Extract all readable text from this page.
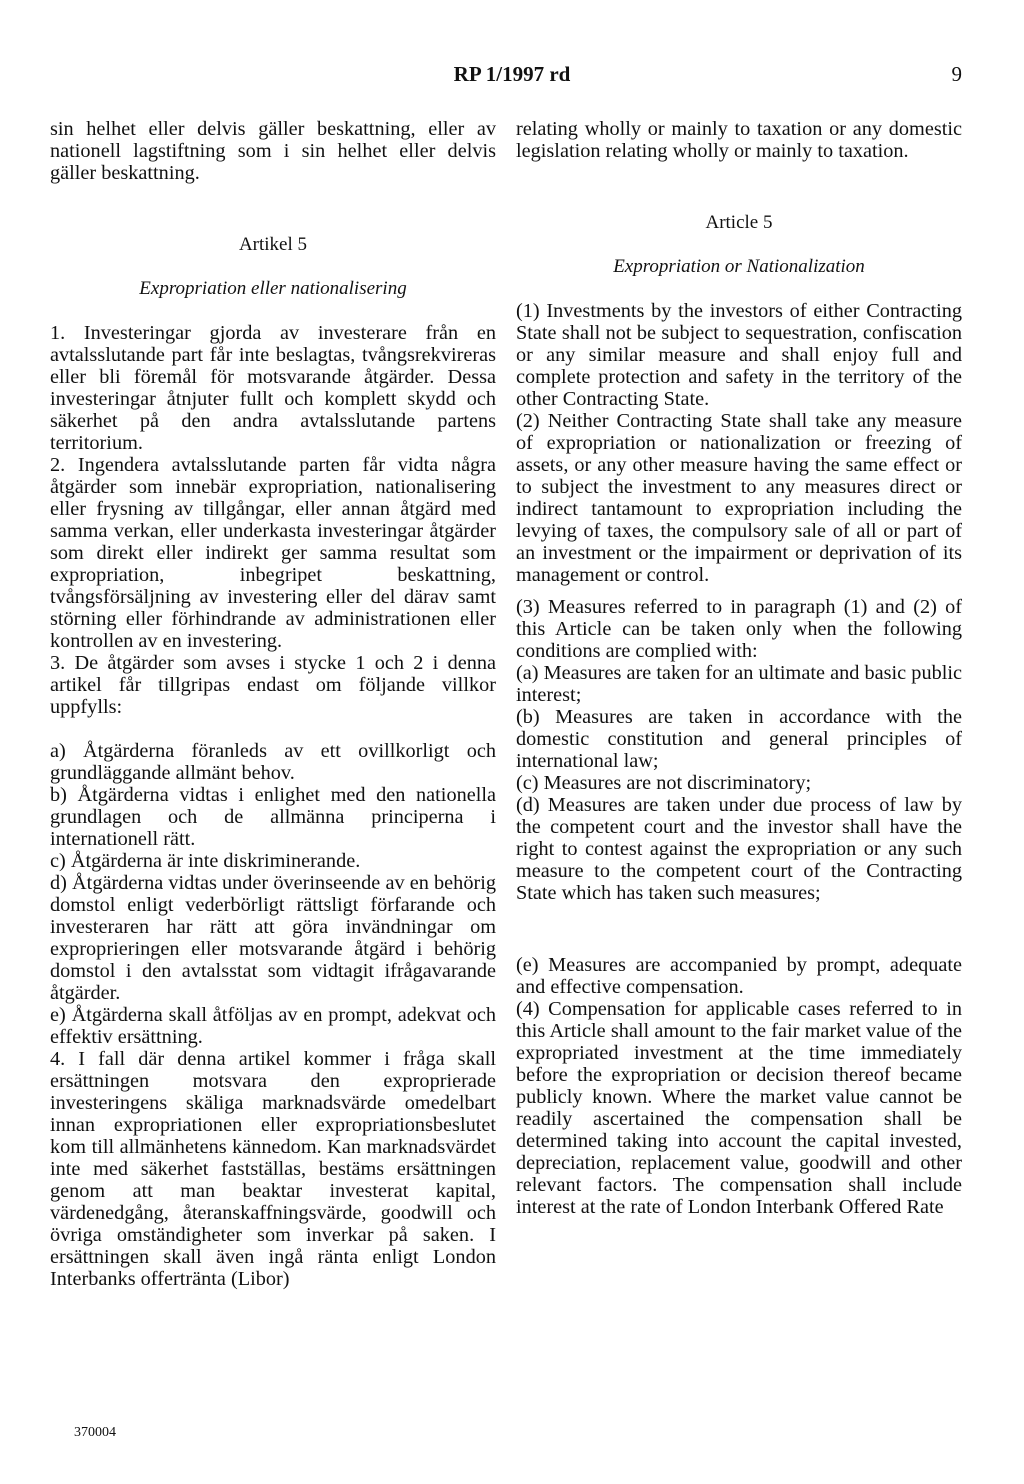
RP 1/1997 rd	9

sin helhet eller delvis gäller beskattning, eller av nationell lagstiftning som i sin helhet eller delvis gäller beskattning.

Artikel 5

Expropriation eller nationalisering

1. Investeringar gjorda av investerare från en avtalsslutande part får inte beslagtas, tvångsrekvireras eller bli föremål för motsvarande åtgärder. Dessa investeringar åtnjuter fullt och komplett skydd och säkerhet på den andra avtalsslutande partens territorium.

2. Ingendera avtalsslutande parten får vidta några åtgärder som innebär expropriation, nationalisering eller frysning av tillgångar, eller annan åtgärd med samma verkan, eller underkasta investeringar åtgärder som direkt eller indirekt ger samma resultat som expropriation, inbegripet beskattning, tvångsförsäljning av investering eller del därav samt störning eller förhindrande av administrationen eller kontrollen av en investering.

3. De åtgärder som avses i stycke 1 och 2 i denna artikel får tillgripas endast om följande villkor uppfylls:

a) Åtgärderna föranleds av ett ovillkorligt och grundläggande allmänt behov.

b) Åtgärderna vidtas i enlighet med den nationella grundlagen och de allmänna principerna i internationell rätt.

c) Åtgärderna är inte diskriminerande.

d) Åtgärderna vidtas under överinseende av en behörig domstol enligt vederbörligt rättsligt förfarande och investeraren har rätt att göra invändningar om exproprieringen eller motsvarande åtgärd i behörig domstol i den avtalsstat som vidtagit ifrågavarande åtgärder.

e) Åtgärderna skall åtföljas av en prompt, adekvat och effektiv ersättning.

4. I fall där denna artikel kommer i fråga skall ersättningen motsvara den exproprierade investeringens skäliga marknadsvärde omedelbart innan expropriationen eller expropriationsbeslutet kom till allmänhetens kännedom. Kan marknadsvärdet inte med säkerhet fastställas, bestäms ersättningen genom att man beaktar investerat kapital, värdenedgång, återanskaffningsvärde, goodwill och övriga omständigheter som inverkar på saken. I ersättningen skall även ingå ränta enligt London Interbanks offertränta (Libor)

relating wholly or mainly to taxation or any domestic legislation relating wholly or mainly to taxation.

Article 5

Expropriation or Nationalization

(1) Investments by the investors of either Contracting State shall not be subject to sequestration, confiscation or any similar measure and shall enjoy full and complete protection and safety in the territory of the other Contracting State.

(2) Neither Contracting State shall take any measure of expropriation or nationalization or freezing of assets, or any other measure having the same effect or to subject the investment to any measures direct or indirect tantamount to expropriation including the levying of taxes, the compulsory sale of all or part of an investment or the impairment or deprivation of its management or control.

(3) Measures referred to in paragraph (1) and (2) of this Article can be taken only when the following conditions are complied with:

(a) Measures are taken for an ultimate and basic public interest;

(b) Measures are taken in accordance with the domestic constitution and general principles of international law;

(c) Measures are not discriminatory;

(d) Measures are taken under due process of law by the competent court and the investor shall have the right to contest against the expropriation or any such measure to the competent court of the Contracting State which has taken such measures;

(e) Measures are accompanied by prompt, adequate and effective compensation.

(4) Compensation for applicable cases referred to in this Article shall amount to the fair market value of the expropriated investment at the time immediately before the expropriation or decision thereof became publicly known. Where the market value cannot be readily ascertained the compensation shall be determined taking into account the capital invested, depreciation, replacement value, goodwill and other relevant factors. The compensation shall include interest at the rate of London Interbank Offered Rate

370004
